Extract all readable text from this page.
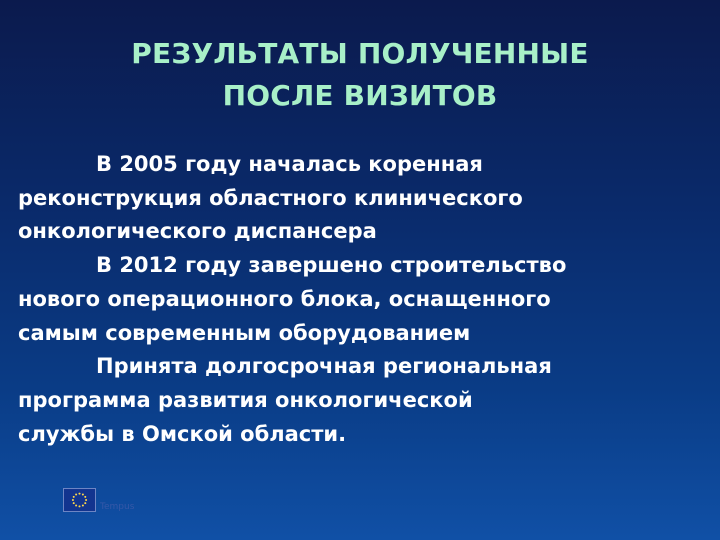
РЕЗУЛЬТАТЫ ПОЛУЧЕННЫЕ
ПОСЛЕ ВИЗИТОВ
В 2005 году началась коренная
реконструкция областного клинического
онкологического диспансера
В 2012 году завершено строительство
нового операционного блока, оснащенного
самым современным оборудованием
Принята долгосрочная региональная
программа развития онкологической
службы в Омской области.
Tempus
